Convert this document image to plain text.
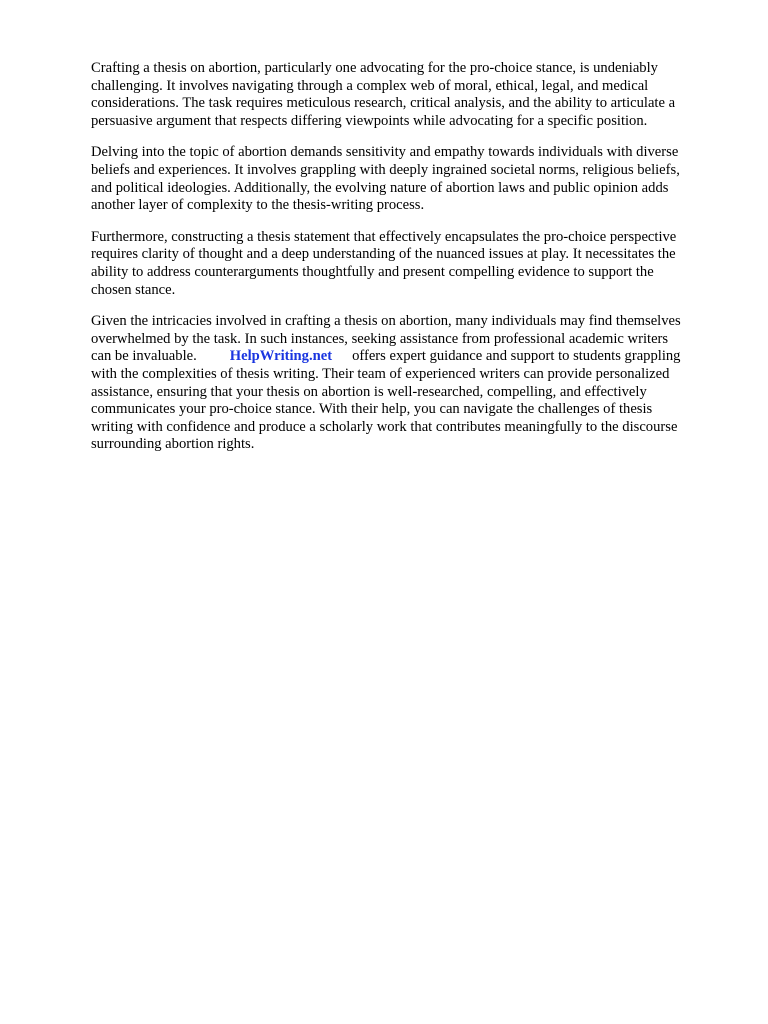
Crafting a thesis on abortion, particularly one advocating for the pro-choice stance, is undeniably
challenging. It involves navigating through a complex web of moral, ethical, legal, and medical
considerations. The task requires meticulous research, critical analysis, and the ability to articulate a
persuasive argument that respects differing viewpoints while advocating for a specific position.

Delving into the topic of abortion demands sensitivity and empathy towards individuals with diverse
beliefs and experiences. It involves grappling with deeply ingrained societal norms, religious beliefs,
and political ideologies. Additionally, the evolving nature of abortion laws and public opinion adds
another layer of complexity to the thesis-writing process.

Furthermore, constructing a thesis statement that effectively encapsulates the pro-choice perspective
requires clarity of thought and a deep understanding of the nuanced issues at play. It necessitates the
ability to address counterarguments thoughtfully and present compelling evidence to support the
chosen stance.

Given the intricacies involved in crafting a thesis on abortion, many individuals may find themselves
overwhelmed by the task. In such instances, seeking assistance from professional academic writers
can be invaluable. HelpWriting.net offers expert guidance and support to students grappling
with the complexities of thesis writing. Their team of experienced writers can provide personalized
assistance, ensuring that your thesis on abortion is well-researched, compelling, and effectively
communicates your pro-choice stance. With their help, you can navigate the challenges of thesis
writing with confidence and produce a scholarly work that contributes meaningfully to the discourse
surrounding abortion rights.
